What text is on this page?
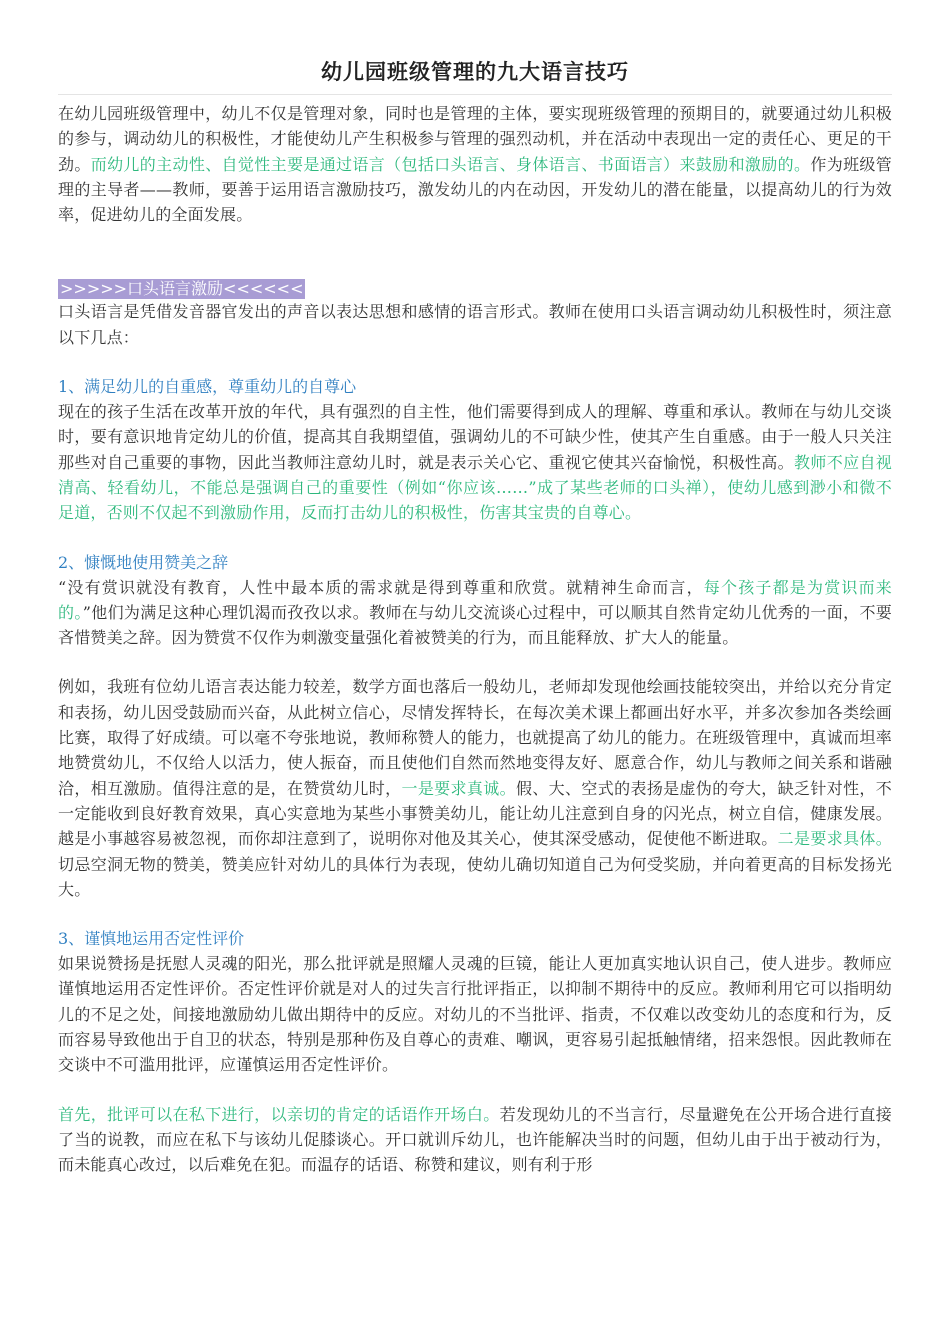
幼儿园班级管理的九大语言技巧

在幼儿园班级管理中，幼儿不仅是管理对象，同时也是管理的主体，要实现班级管理的预期目的，就要通过幼儿积极的参与，调动幼儿的积极性，才能使幼儿产生积极参与管理的强烈动机，并在活动中表现出一定的责任心、更足的干劲。而幼儿的主动性、自觉性主要是通过语言（包括口头语言、身体语言、书面语言）来鼓励和激励的。作为班级管理的主导者——教师，要善于运用语言激励技巧，激发幼儿的内在动因，开发幼儿的潜在能量，以提高幼儿的行为效率，促进幼儿的全面发展。

>>>>>口头语言激励<<<<<<

口头语言是凭借发音器官发出的声音以表达思想和感情的语言形式。教师在使用口头语言调动幼儿积极性时，须注意以下几点：

1、满足幼儿的自重感，尊重幼儿的自尊心

现在的孩子生活在改革开放的年代，具有强烈的自主性，他们需要得到成人的理解、尊重和承认。教师在与幼儿交谈时，要有意识地肯定幼儿的价值，提高其自我期望值，强调幼儿的不可缺少性，使其产生自重感。由于一般人只关注那些对自己重要的事物，因此当教师注意幼儿时，就是表示关心它、重视它使其兴奋愉悦，积极性高。教师不应自视清高、轻看幼儿，不能总是强调自己的重要性（例如“你应该……”成了某些老师的口头禅），使幼儿感到渺小和微不足道，否则不仅起不到激励作用，反而打击幼儿的积极性，伤害其宝贵的自尊心。

2、慷慨地使用赞美之辞

“没有赏识就没有教育，人性中最本质的需求就是得到尊重和欣赏。就精神生命而言，每个孩子都是为赏识而来的。”他们为满足这种心理饥渴而孜孜以求。教师在与幼儿交流谈心过程中，可以顺其自然肯定幼儿优秀的一面，不要吝惜赞美之辞。因为赞赏不仅作为刺激变量强化着被赞美的行为，而且能释放、扩大人的能量。

例如，我班有位幼儿语言表达能力较差，数学方面也落后一般幼儿，老师却发现他绘画技能较突出，并给以充分肯定和表扬，幼儿因受鼓励而兴奋，从此树立信心，尽情发挥特长，在每次美术课上都画出好水平，并多次参加各类绘画比赛，取得了好成绩。可以毫不夸张地说，教师称赞人的能力，也就提高了幼儿的能力。在班级管理中，真诚而坦率地赞赏幼儿，不仅给人以活力，使人振奋，而且使他们自然而然地变得友好、愿意合作，幼儿与教师之间关系和谐融洽，相互激励。值得注意的是，在赞赏幼儿时，一是要求真诚。假、大、空式的表扬是虚伪的夸大，缺乏针对性，不一定能收到良好教育效果，真心实意地为某些小事赞美幼儿，能让幼儿注意到自身的闪光点，树立自信，健康发展。越是小事越容易被忽视，而你却注意到了，说明你对他及其关心，使其深受感动，促使他不断进取。二是要求具体。切忌空洞无物的赞美，赞美应针对幼儿的具体行为表现，使幼儿确切知道自己为何受奖励，并向着更高的目标发扬光大。

3、谨慎地运用否定性评价

如果说赞扬是抚慰人灵魂的阳光，那么批评就是照耀人灵魂的巨镜，能让人更加真实地认识自己，使人进步。教师应谨慎地运用否定性评价。否定性评价就是对人的过失言行批评指正，以抑制不期待中的反应。教师利用它可以指明幼儿的不足之处，间接地激励幼儿做出期待中的反应。对幼儿的不当批评、指责，不仅难以改变幼儿的态度和行为，反而容易导致他出于自卫的状态，特别是那种伤及自尊心的责难、嘲讽，更容易引起抵触情绪，招来怨恨。因此教师在交谈中不可滥用批评，应谨慎运用否定性评价。

首先，批评可以在私下进行，以亲切的肯定的话语作开场白。若发现幼儿的不当言行，尽量避免在公开场合进行直接了当的说教，而应在私下与该幼儿促膝谈心。开口就训斥幼儿，也许能解决当时的问题，但幼儿由于出于被动行为，而未能真心改过，以后难免在犯。而温存的话语、称赞和建议，则有利于形
